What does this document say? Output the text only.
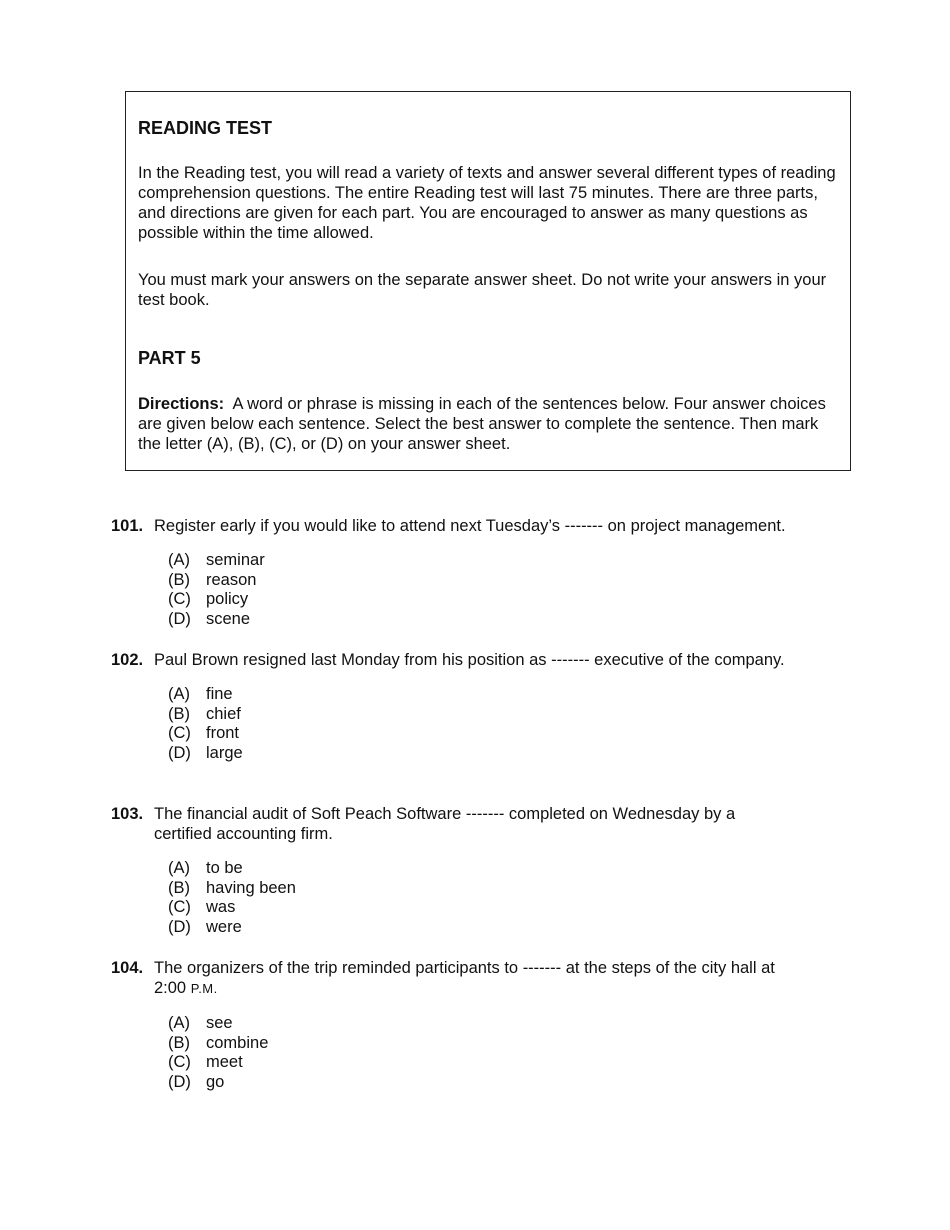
READING TEST

In the Reading test, you will read a variety of texts and answer several different types of reading comprehension questions. The entire Reading test will last 75 minutes. There are three parts, and directions are given for each part. You are encouraged to answer as many questions as possible within the time allowed.

You must mark your answers on the separate answer sheet. Do not write your answers in your test book.

PART 5

Directions: A word or phrase is missing in each of the sentences below. Four answer choices are given below each sentence. Select the best answer to complete the sentence. Then mark the letter (A), (B), (C), or (D) on your answer sheet.

101. Register early if you would like to attend next Tuesday’s ------- on project management.
(A) seminar
(B) reason
(C) policy
(D) scene
102. Paul Brown resigned last Monday from his position as ------- executive of the company.
(A) fine
(B) chief
(C) front
(D) large
103. The financial audit of Soft Peach Software ------- completed on Wednesday by a certified accounting firm.
(A) to be
(B) having been
(C) was
(D) were
104. The organizers of the trip reminded participants to ------- at the steps of the city hall at 2:00 P.M.
(A) see
(B) combine
(C) meet
(D) go
